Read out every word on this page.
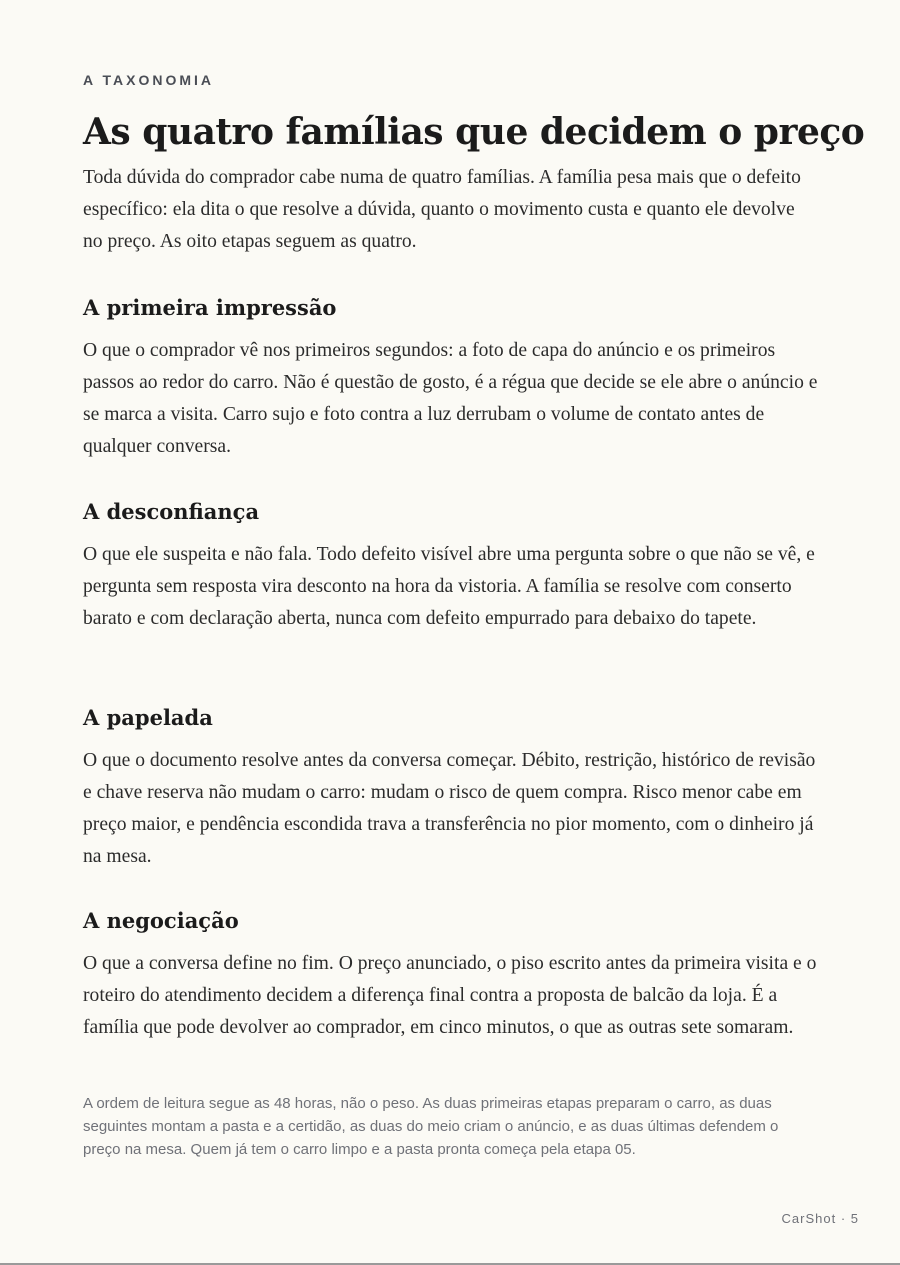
A TAXONOMIA
As quatro famílias que decidem o preço

Toda dúvida do comprador cabe numa de quatro famílias. A família pesa mais que o defeito específico: ela dita o que resolve a dúvida, quanto o movimento custa e quanto ele devolve no preço. As oito etapas seguem as quatro.

A primeira impressão

O que o comprador vê nos primeiros segundos: a foto de capa do anúncio e os primeiros passos ao redor do carro. Não é questão de gosto, é a régua que decide se ele abre o anúncio e se marca a visita. Carro sujo e foto contra a luz derrubam o volume de contato antes de qualquer conversa.

A desconfiança

O que ele suspeita e não fala. Todo defeito visível abre uma pergunta sobre o que não se vê, e pergunta sem resposta vira desconto na hora da vistoria. A família se resolve com conserto barato e com declaração aberta, nunca com defeito empurrado para debaixo do tapete.

A papelada

O que o documento resolve antes da conversa começar. Débito, restrição, histórico de revisão e chave reserva não mudam o carro: mudam o risco de quem compra. Risco menor cabe em preço maior, e pendência escondida trava a transferência no pior momento, com o dinheiro já na mesa.

A negociação

O que a conversa define no fim. O preço anunciado, o piso escrito antes da primeira visita e o roteiro do atendimento decidem a diferença final contra a proposta de balcão da loja. É a família que pode devolver ao comprador, em cinco minutos, o que as outras sete somaram.

A ordem de leitura segue as 48 horas, não o peso. As duas primeiras etapas preparam o carro, as duas seguintes montam a pasta e a certidão, as duas do meio criam o anúncio, e as duas últimas defendem o preço na mesa. Quem já tem o carro limpo e a pasta pronta começa pela etapa 05.

CarShot · 5
